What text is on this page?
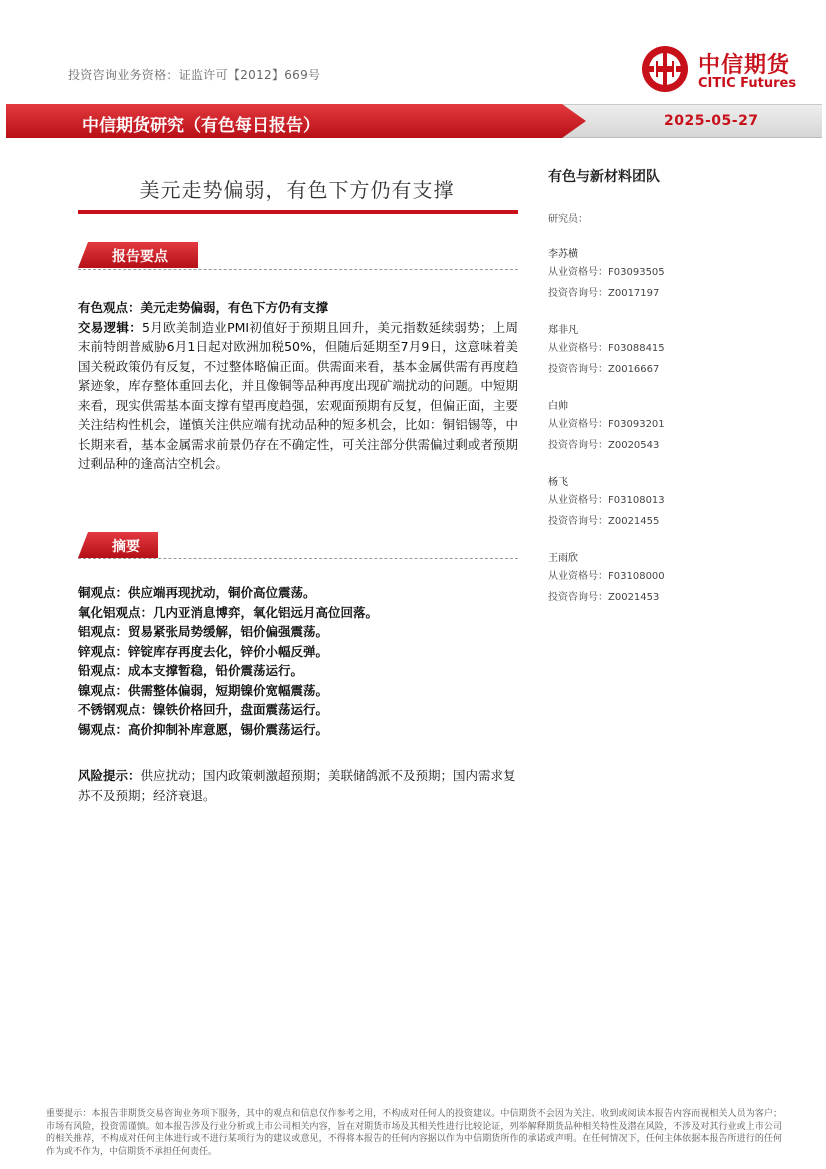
投资咨询业务资格：证监许可【2012】669号	中信期货
CITIC Futures
中信期货研究（有色每日报告）	2025-05-27
美元走势偏弱，有色下方仍有支撑
报告要点
有色观点：美元走势偏弱，有色下方仍有支撑
交易逻辑：5月欧美制造业PMI初值好于预期且回升，美元指数延续弱势；上周末前特朗普威胁6月1日起对欧洲加税50%，但随后延期至7月9日，这意味着美国关税政策仍有反复，不过整体略偏正面。供需面来看，基本金属供需有再度趋紧迹象，库存整体重回去化，并且像铜等品种再度出现矿端扰动的问题。中短期来看，现实供需基本面支撑有望再度趋强，宏观面预期有反复，但偏正面，主要关注结构性机会，谨慎关注供应端有扰动品种的短多机会，比如：铜铝锡等，中长期来看，基本金属需求前景仍存在不确定性，可关注部分供需偏过剩或者预期过剩品种的逢高沽空机会。
摘要
铜观点：供应端再现扰动，铜价高位震荡。
氧化铝观点：几内亚消息博弈，氧化铝远月高位回落。
铝观点：贸易紧张局势缓解，铝价偏强震荡。
锌观点：锌锭库存再度去化，锌价小幅反弹。
铅观点：成本支撑暂稳，铅价震荡运行。
镍观点：供需整体偏弱，短期镍价宽幅震荡。
不锈钢观点：镍铁价格回升，盘面震荡运行。
锡观点：高价抑制补库意愿，锡价震荡运行。
风险提示：供应扰动；国内政策刺激超预期；美联储鸽派不及预期；国内需求复苏不及预期；经济衰退。
有色与新材料团队
研究员：
李苏横
从业资格号：F03093505
投资咨询号：Z0017197
郑非凡
从业资格号：F03088415
投资咨询号：Z0016667
白帅
从业资格号：F03093201
投资咨询号：Z0020543
杨飞
从业资格号：F03108013
投资咨询号：Z0021455
王雨欣
从业资格号：F03108000
投资咨询号：Z0021453
重要提示：本报告非期货交易咨询业务项下服务，其中的观点和信息仅作参考之用，不构成对任何人的投资建议。中信期货不会因为关注、收到或阅读本报告内容而视相关人员为客户；市场有风险，投资需谨慎。如本报告涉及行业分析或上市公司相关内容，旨在对期货市场及其相关性进行比较论证，列举解释期货品种相关特性及潜在风险，不涉及对其行业或上市公司的相关推荐，不构成对任何主体进行或不进行某项行为的建议或意见，不得将本报告的任何内容据以作为中信期货所作的承诺或声明。在任何情况下，任何主体依据本报告所进行的任何作为或不作为，中信期货不承担任何责任。
